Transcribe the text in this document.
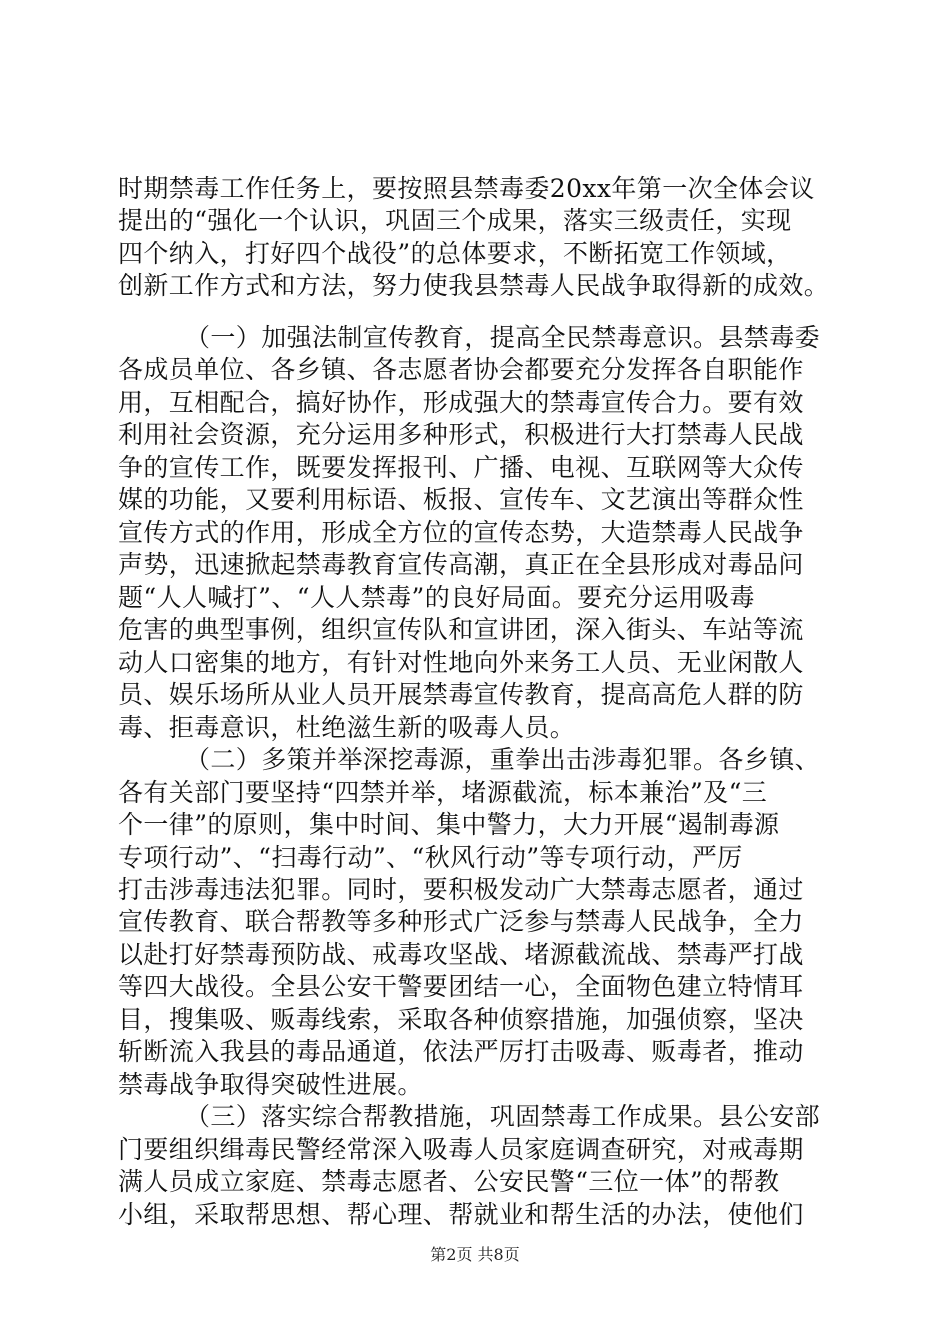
时期禁毒工作任务上，要按照县禁毒委20xx年第一次全体会议
提出的“强化一个认识，巩固三个成果，落实三级责任，实现
四个纳入，打好四个战役”的总体要求，不断拓宽工作领域，
创新工作方式和方法，努力使我县禁毒人民战争取得新的成效。
（一）加强法制宣传教育，提高全民禁毒意识。县禁毒委
各成员单位、各乡镇、各志愿者协会都要充分发挥各自职能作
用，互相配合，搞好协作，形成强大的禁毒宣传合力。要有效
利用社会资源，充分运用多种形式，积极进行大打禁毒人民战
争的宣传工作，既要发挥报刊、广播、电视、互联网等大众传
媒的功能，又要利用标语、板报、宣传车、文艺演出等群众性
宣传方式的作用，形成全方位的宣传态势，大造禁毒人民战争
声势，迅速掀起禁毒教育宣传高潮，真正在全县形成对毒品问
题“人人喊打”、“人人禁毒”的良好局面。要充分运用吸毒
危害的典型事例，组织宣传队和宣讲团，深入街头、车站等流
动人口密集的地方，有针对性地向外来务工人员、无业闲散人
员、娱乐场所从业人员开展禁毒宣传教育，提高高危人群的防
毒、拒毒意识，杜绝滋生新的吸毒人员。
（二）多策并举深挖毒源，重拳出击涉毒犯罪。各乡镇、
各有关部门要坚持“四禁并举，堵源截流，标本兼治”及“三
个一律”的原则，集中时间、集中警力，大力开展“遏制毒源
专项行动”、“扫毒行动”、“秋风行动”等专项行动，严厉
打击涉毒违法犯罪。同时，要积极发动广大禁毒志愿者，通过
宣传教育、联合帮教等多种形式广泛参与禁毒人民战争，全力
以赴打好禁毒预防战、戒毒攻坚战、堵源截流战、禁毒严打战
等四大战役。全县公安干警要团结一心，全面物色建立特情耳
目，搜集吸、贩毒线索，采取各种侦察措施，加强侦察，坚决
斩断流入我县的毒品通道，依法严厉打击吸毒、贩毒者，推动
禁毒战争取得突破性进展。
（三）落实综合帮教措施，巩固禁毒工作成果。县公安部
门要组织缉毒民警经常深入吸毒人员家庭调查研究，对戒毒期
满人员成立家庭、禁毒志愿者、公安民警“三位一体”的帮教
第2页 共8页
小组，采取帮思想、帮心理、帮就业和帮生活的办法，使他们
